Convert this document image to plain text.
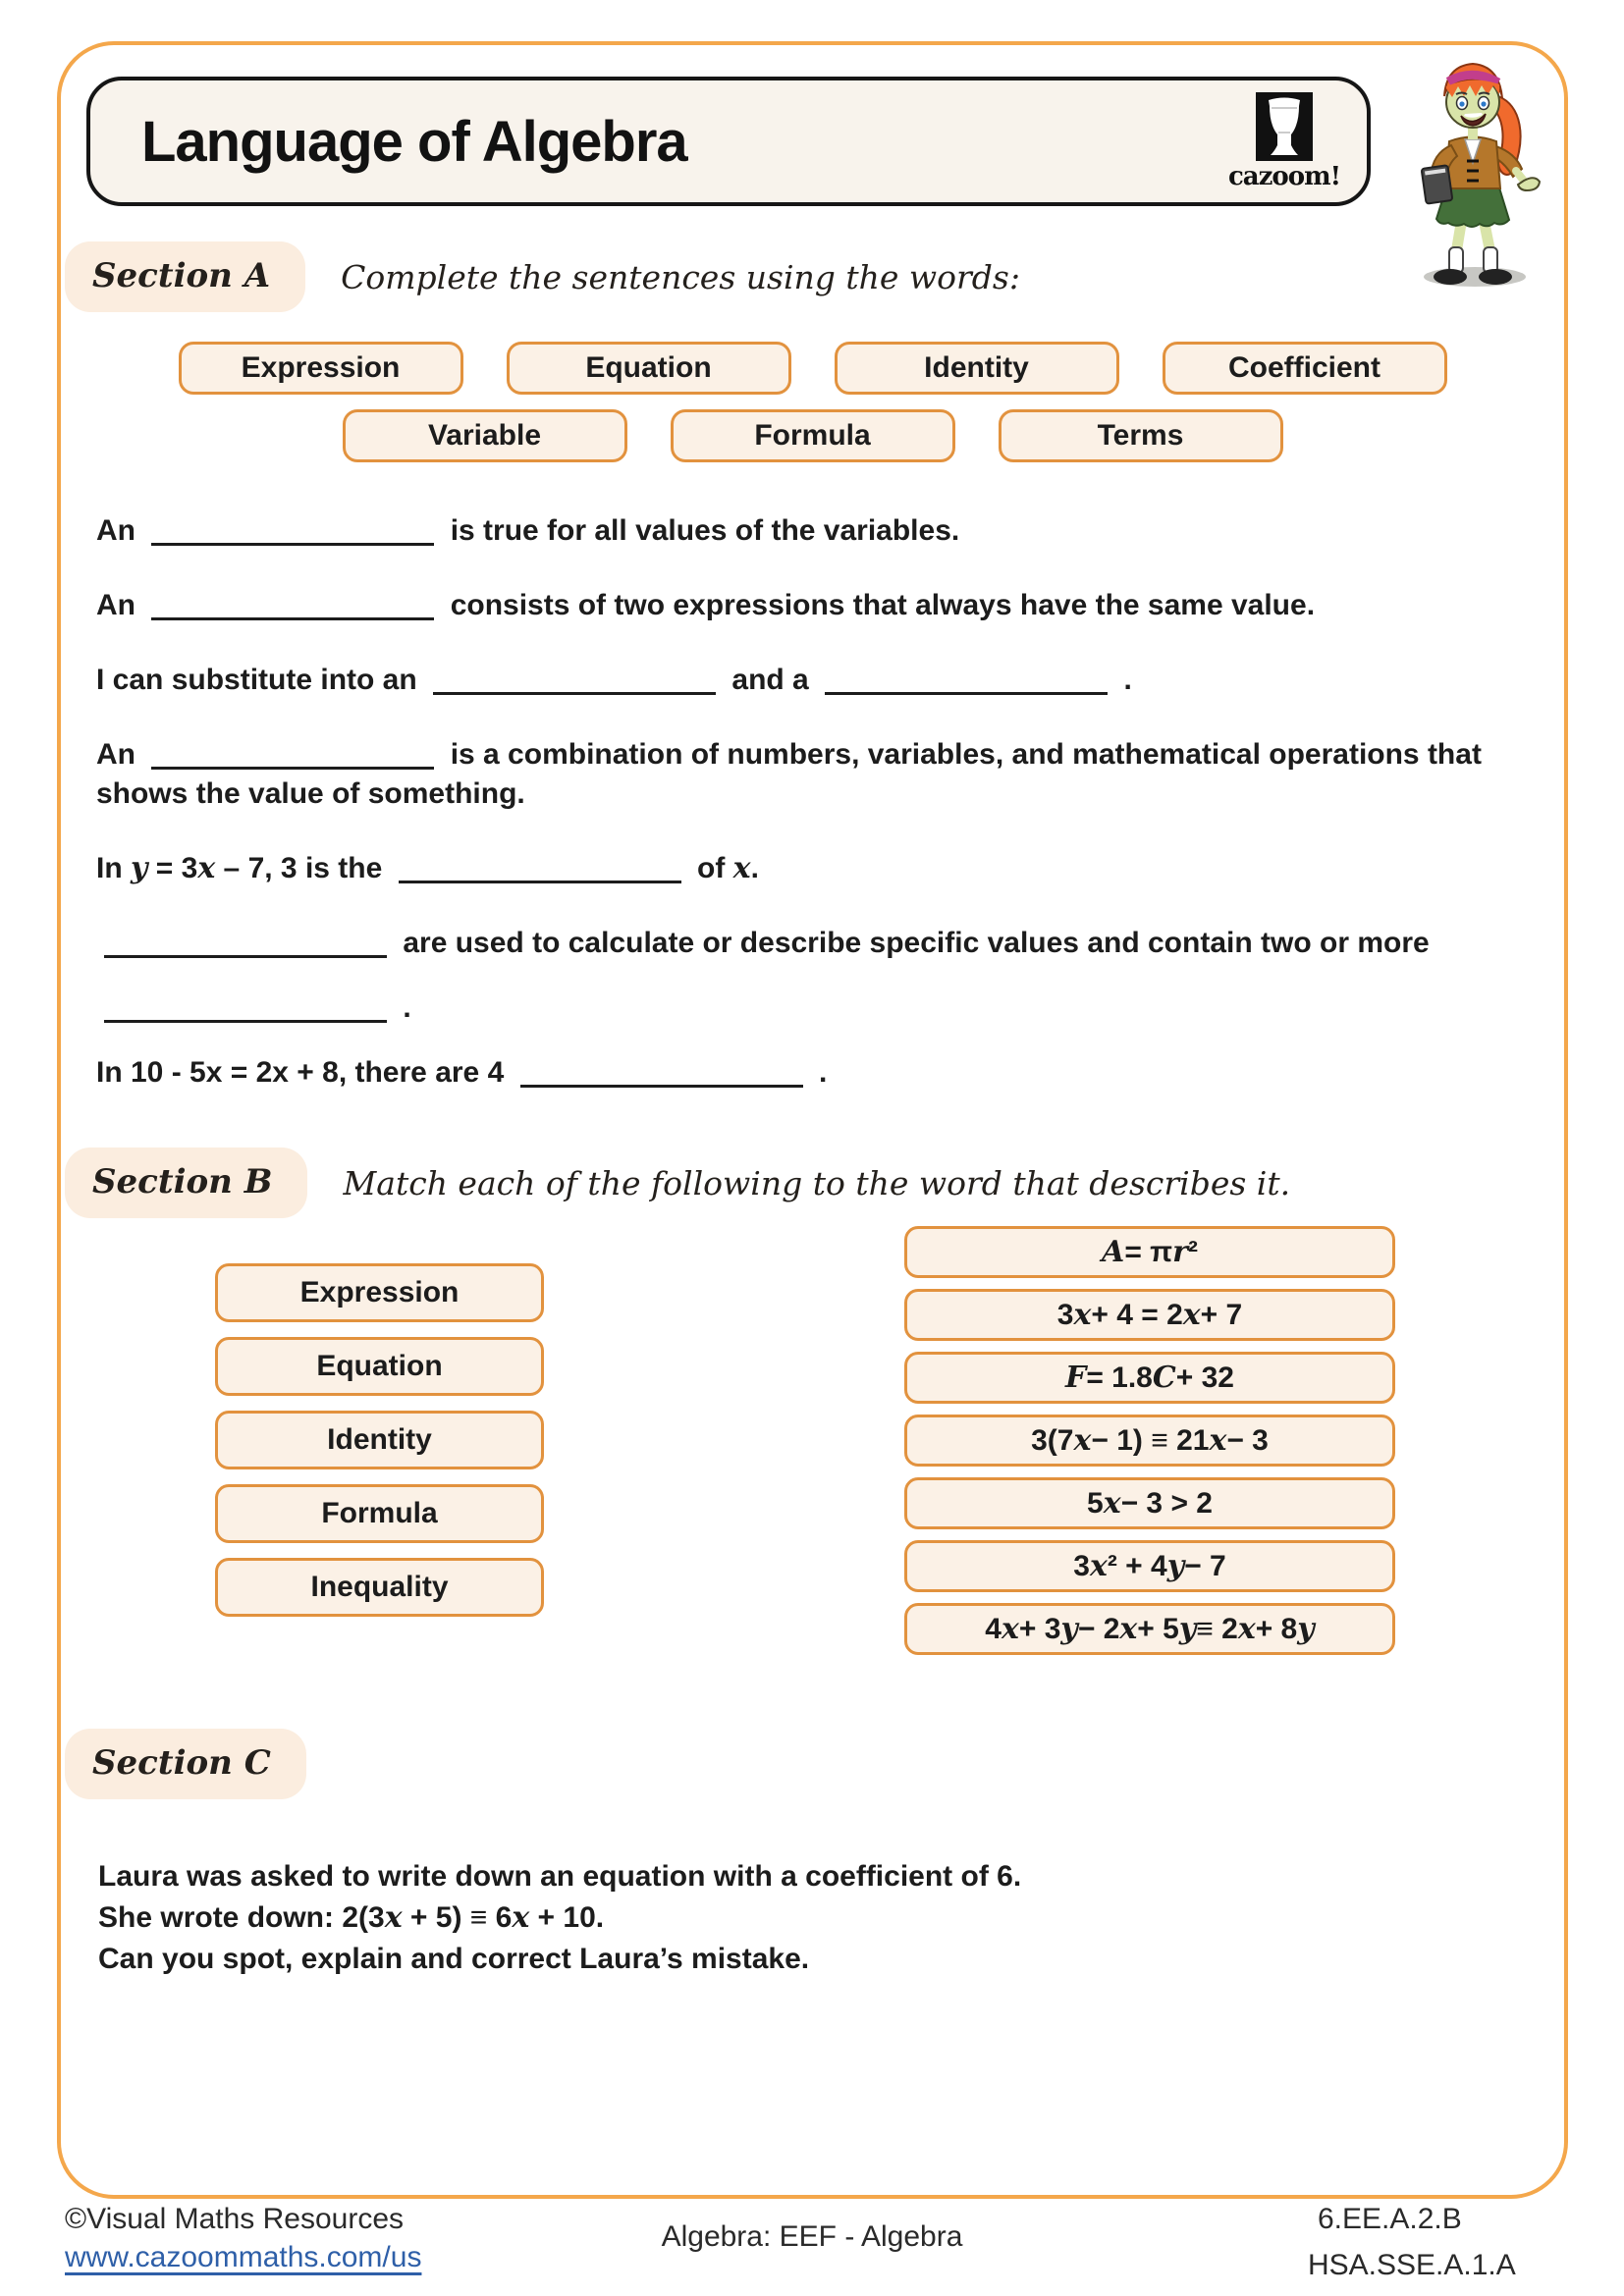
Language of Algebra
cazoom!
Section A	Complete the sentences using the words:
Expression	Equation	Identity	Coefficient
Variable	Formula	Terms

An	is true for all values of the variables.

An	consists of two expressions that always have the same value.

I can substitute into an	and a	.

An	is a combination of numbers, variables, and mathematical operations that
shows the value of something.

In y = 3x – 7, 3 is the	of x.

are used to calculate or describe specific values and contain two or more

.

In 10 - 5x = 2x + 8, there are 4	.

Section B	Match each of the following to the word that describes it.
Expression
Equation
Identity
Formula
Inequality
A = π r ²
3 x + 4 = 2 x + 7
F = 1.8 C + 32
3(7 x − 1) ≡ 21 x − 3
5 x − 3 > 2
3 x ² + 4 y − 7
4 x + 3 y − 2 x + 5 y ≡ 2 x + 8 y
Section C

Laura was asked to write down an equation with a coefficient of 6.

She wrote down: 2(3x + 5) ≡ 6x + 10.

Can you spot, explain and correct Laura’s mistake.

©Visual Maths Resources
www.cazoommaths.com/us
Algebra: EEF - Algebra
6.EE.A.2.B
HSA.SSE.A.1.A
